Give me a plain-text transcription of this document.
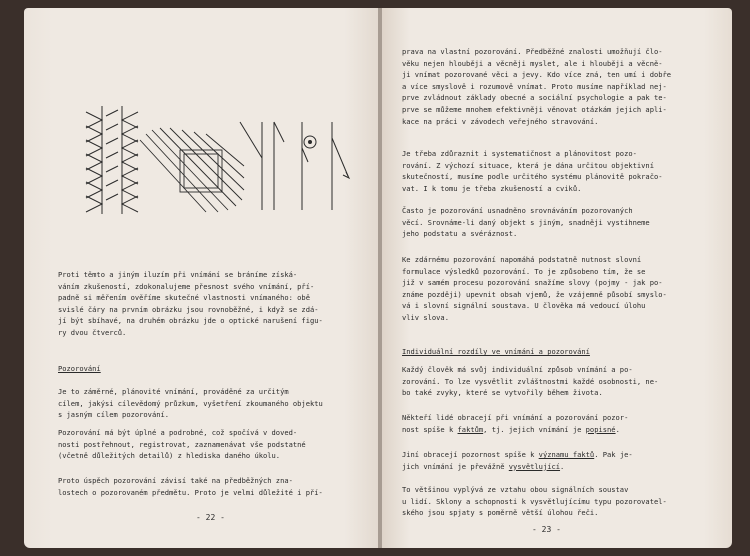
Proti těmto a jiným iluzím při vnímání se bráníme získá-
váním zkušeností, zdokonalujeme přesnost svého vnímání, pří-
padně si měřením ověříme skutečné vlastnosti vnímaného: obě
svislé čáry na prvním obrázku jsou rovnoběžné, i když se zdá-
jí být sbíhavé, na druhém obrázku jde o optické narušení figu-
ry dvou čtverců.

Pozorování

Je to záměrné, plánovité vnímání, prováděné za určitým
cílem, jakýsi cílevědomý průzkum, vyšetření zkoumaného objektu
s jasným cílem pozorování.

Pozorování má být úplné a podrobné, což spočívá v doved-
nosti postřehnout, registrovat, zaznamenávat vše podstatné
(včetně důležitých detailů) z hlediska daného úkolu.

Proto úspěch pozorování závisí také na předběžných zna-
lostech o pozorovaném předmětu. Proto je velmi důležité i pří-

- 22 -

prava na vlastní pozorování. Předběžné znalosti umožňují člo-
věku nejen hlouběji a věcněji myslet, ale i hlouběji a věcně-
ji vnímat pozorované věci a jevy. Kdo více zná, ten umí i dobře
a více smyslově i rozumově vnímat. Proto musíme například nej-
prve zvládnout základy obecné a sociální psychologie a pak te-
prve se můžeme mnohem efektivněji věnovat otázkám jejich apli-
kace na práci v závodech veřejného stravování.

Je třeba zdůraznit i systematičnost a plánovitost pozo-
rování. Z výchozí situace, která je dána určitou objektivní
skutečností, musíme podle určitého systému plánovitě pokračo-
vat. I k tomu je třeba zkušeností a cviků.

Často je pozorování usnadněno srovnáváním pozorovaných
věcí. Srovnáme-li daný objekt s jiným, snadněji vystihneme
jeho podstatu a svéráznost.

Ke zdárnému pozorování napomáhá podstatně nutnost slovní
formulace výsledků pozorování. To je způsobeno tím, že se
již v samém procesu pozorování snažíme slovy (pojmy - jak po-
známe později) upevnit obsah vjemů, že vzájemně působí smyslo-
vá i slovní signální soustava. U člověka má vedoucí úlohu
vliv slova.

Individuální rozdíly ve vnímání a pozorování

Každý člověk má svůj individuální způsob vnímání a po-
zorování. To lze vysvětlit zvláštnostmi každé osobnosti, ne-
bo také zvyky, které se vytvořily během života.

Někteří lidé obracejí při vnímání a pozorování pozor-
nost spíše k faktům, tj. jejich vnímání je popisné.

Jiní obracejí pozornost spíše k významu faktů. Pak je-
jich vnímání je převážně vysvětlující.

To většinou vyplývá ze vztahu obou signálních soustav
u lidí. Sklony a schopnosti k vysvětlujícímu typu pozorovatel-
ského jsou spjaty s poměrně větší úlohou řeči.

- 23 -
